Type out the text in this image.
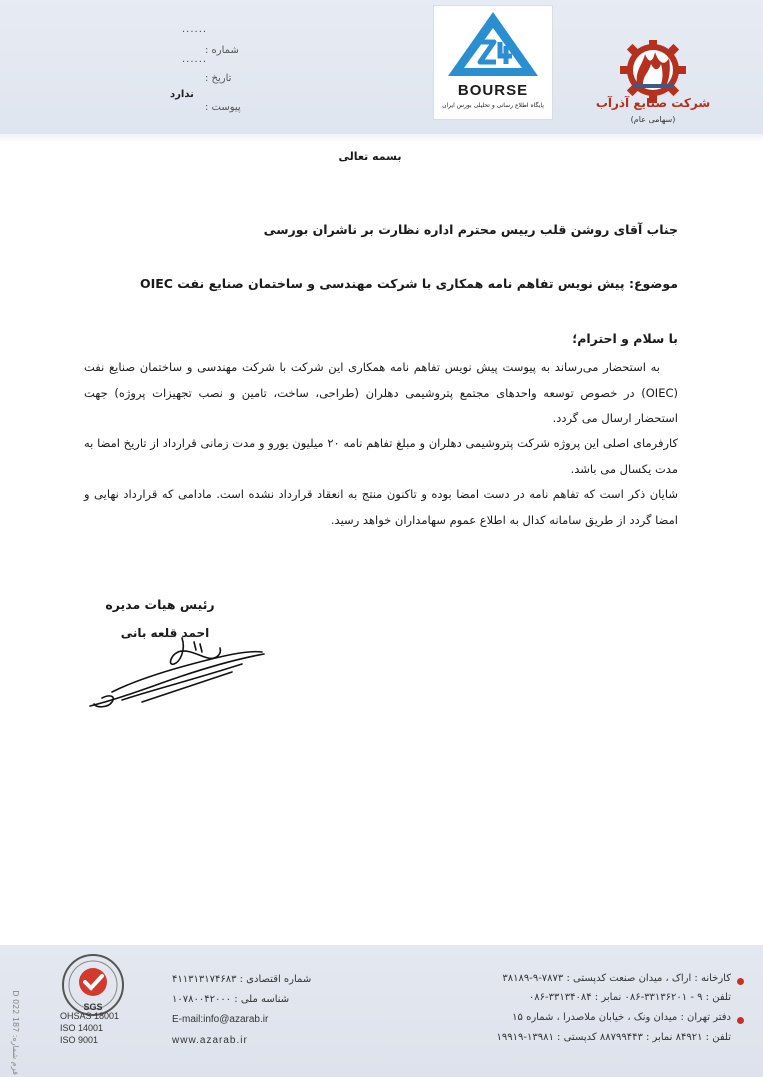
شرکت صنایع آذرآب
(سهامی عام)
BOURSE
پایگاه اطلاع رسانی و تحلیلی بورس ایران
......
شماره :
......
تاریخ :
ندارد
پیوست :
بسمه تعالی
جناب آقای روشن قلب رییس محترم اداره نظارت بر ناشران بورسی
موضوع: پیش نویس تفاهم نامه همکاری با شرکت مهندسی و ساختمان صنایع نفت OIEC
با سلام و احترام؛
به استحضار می‌رساند به پیوست پیش نویس تفاهم نامه همکاری این شرکت با شرکت مهندسی و ساختمان صنایع نفت (OIEC) در خصوص توسعه واحدهای مجتمع پتروشیمی دهلران (طراحی، ساخت، تامین و نصب تجهیزات پروژه) جهت استحضار ارسال می گردد.
کارفرمای اصلی این پروژه شرکت پتروشیمی دهلران و مبلغ تفاهم نامه ۲۰ میلیون یورو و مدت زمانی قرارداد از تاریخ امضا به مدت یکسال می باشد.
شایان ذکر است که تفاهم نامه در دست امضا بوده و تاکنون منتج به انعقاد قرارداد نشده است. مادامی که قرارداد نهایی و امضا گردد از طریق سامانه کدال به اطلاع عموم سهامداران خواهد رسید.
رئیس هیات مدیره
احمد قلعه بانی
فرم شماره: 187 022 D
SGS
OHSAS 18001
ISO 14001
ISO 9001
شماره اقتصادی : ۴۱۱۳۱۳۱۷۴۶۸۳
شناسه ملی : ۱۰۷۸۰۰۴۲۰۰۰
E-mail:info@azarab.ir
www.azarab.ir
کارخانه : اراک ، میدان صنعت کدپستی : ۷۸۷۳-۹-۳۸۱۸۹
تلفن : ۹ - ۳۳۱۳۶۲۰۱-۰۸۶ نمابر : ۳۳۱۳۴۰۸۴-۰۸۶
دفتر تهران : میدان ونک ، خیابان ملاصدرا ، شماره ۱۵
تلفن : ۸۴۹۲۱ نمابر : ۸۸۷۹۹۴۴۳ کدپستی : ۱۳۹۸۱-۱۹۹۱۹
